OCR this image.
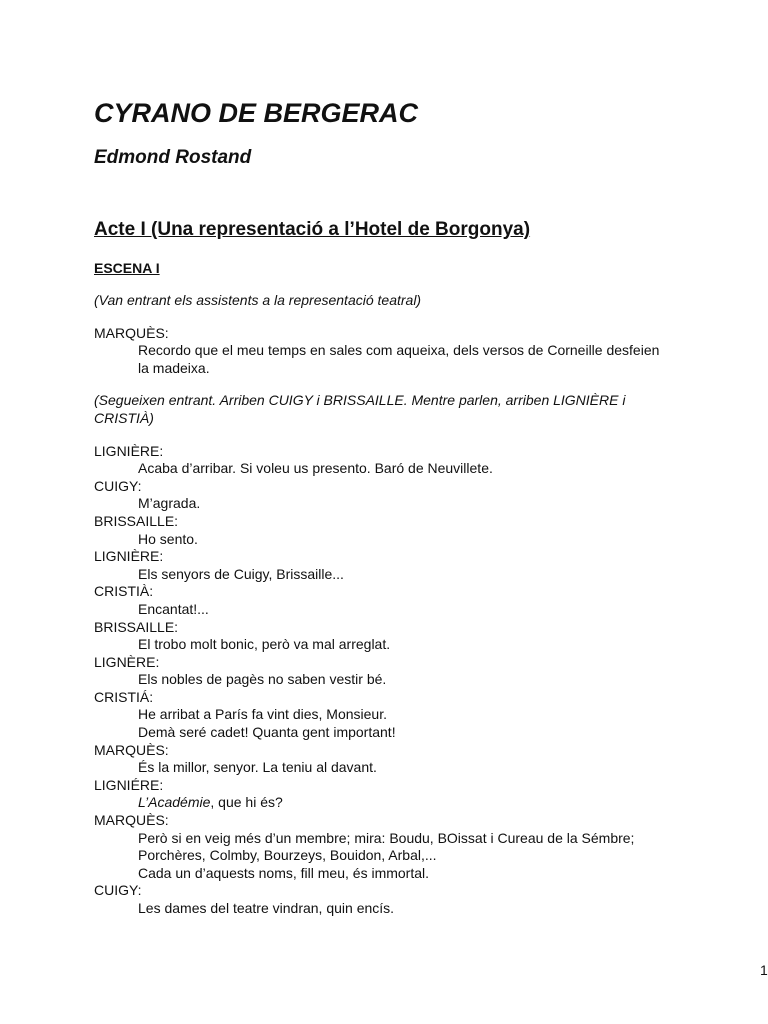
CYRANO DE BERGERAC
Edmond Rostand
Acte I (Una representació a l’Hotel de Borgonya)
ESCENA I

(Van entrant els assistents a la representació teatral)

MARQUÈS:

Recordo que el meu temps en sales com aqueixa, dels versos de Corneille desfeien

la madeixa.

(Segueixen entrant. Arriben CUIGY i BRISSAILLE. Mentre parlen, arriben LIGNIÈRE i

CRISTIÀ)

LIGNIÈRE:

Acaba d’arribar. Si voleu us presento. Baró de Neuvillete.

CUIGY:

M’agrada.

BRISSAILLE:

Ho sento.

LIGNIÈRE:

Els senyors de Cuigy, Brissaille...

CRISTIÀ:

Encantat!...

BRISSAILLE:

El trobo molt bonic, però va mal arreglat.

LIGNÈRE:

Els nobles de pagès no saben vestir bé.

CRISTIÁ:

He arribat a París fa vint dies, Monsieur.

Demà seré cadet! Quanta gent important!

MARQUÈS:

És la millor, senyor. La teniu al davant.

LIGNIÉRE:

L’Académie, que hi és?

MARQUÈS:

Però si en veig més d’un membre; mira: Boudu, BOissat i Cureau de la Sémbre;

Porchères, Colmby, Bourzeys, Bouidon, Arbal,...

Cada un d’aquests noms, fill meu, és immortal.

CUIGY:

Les dames del teatre vindran, quin encís.

1
